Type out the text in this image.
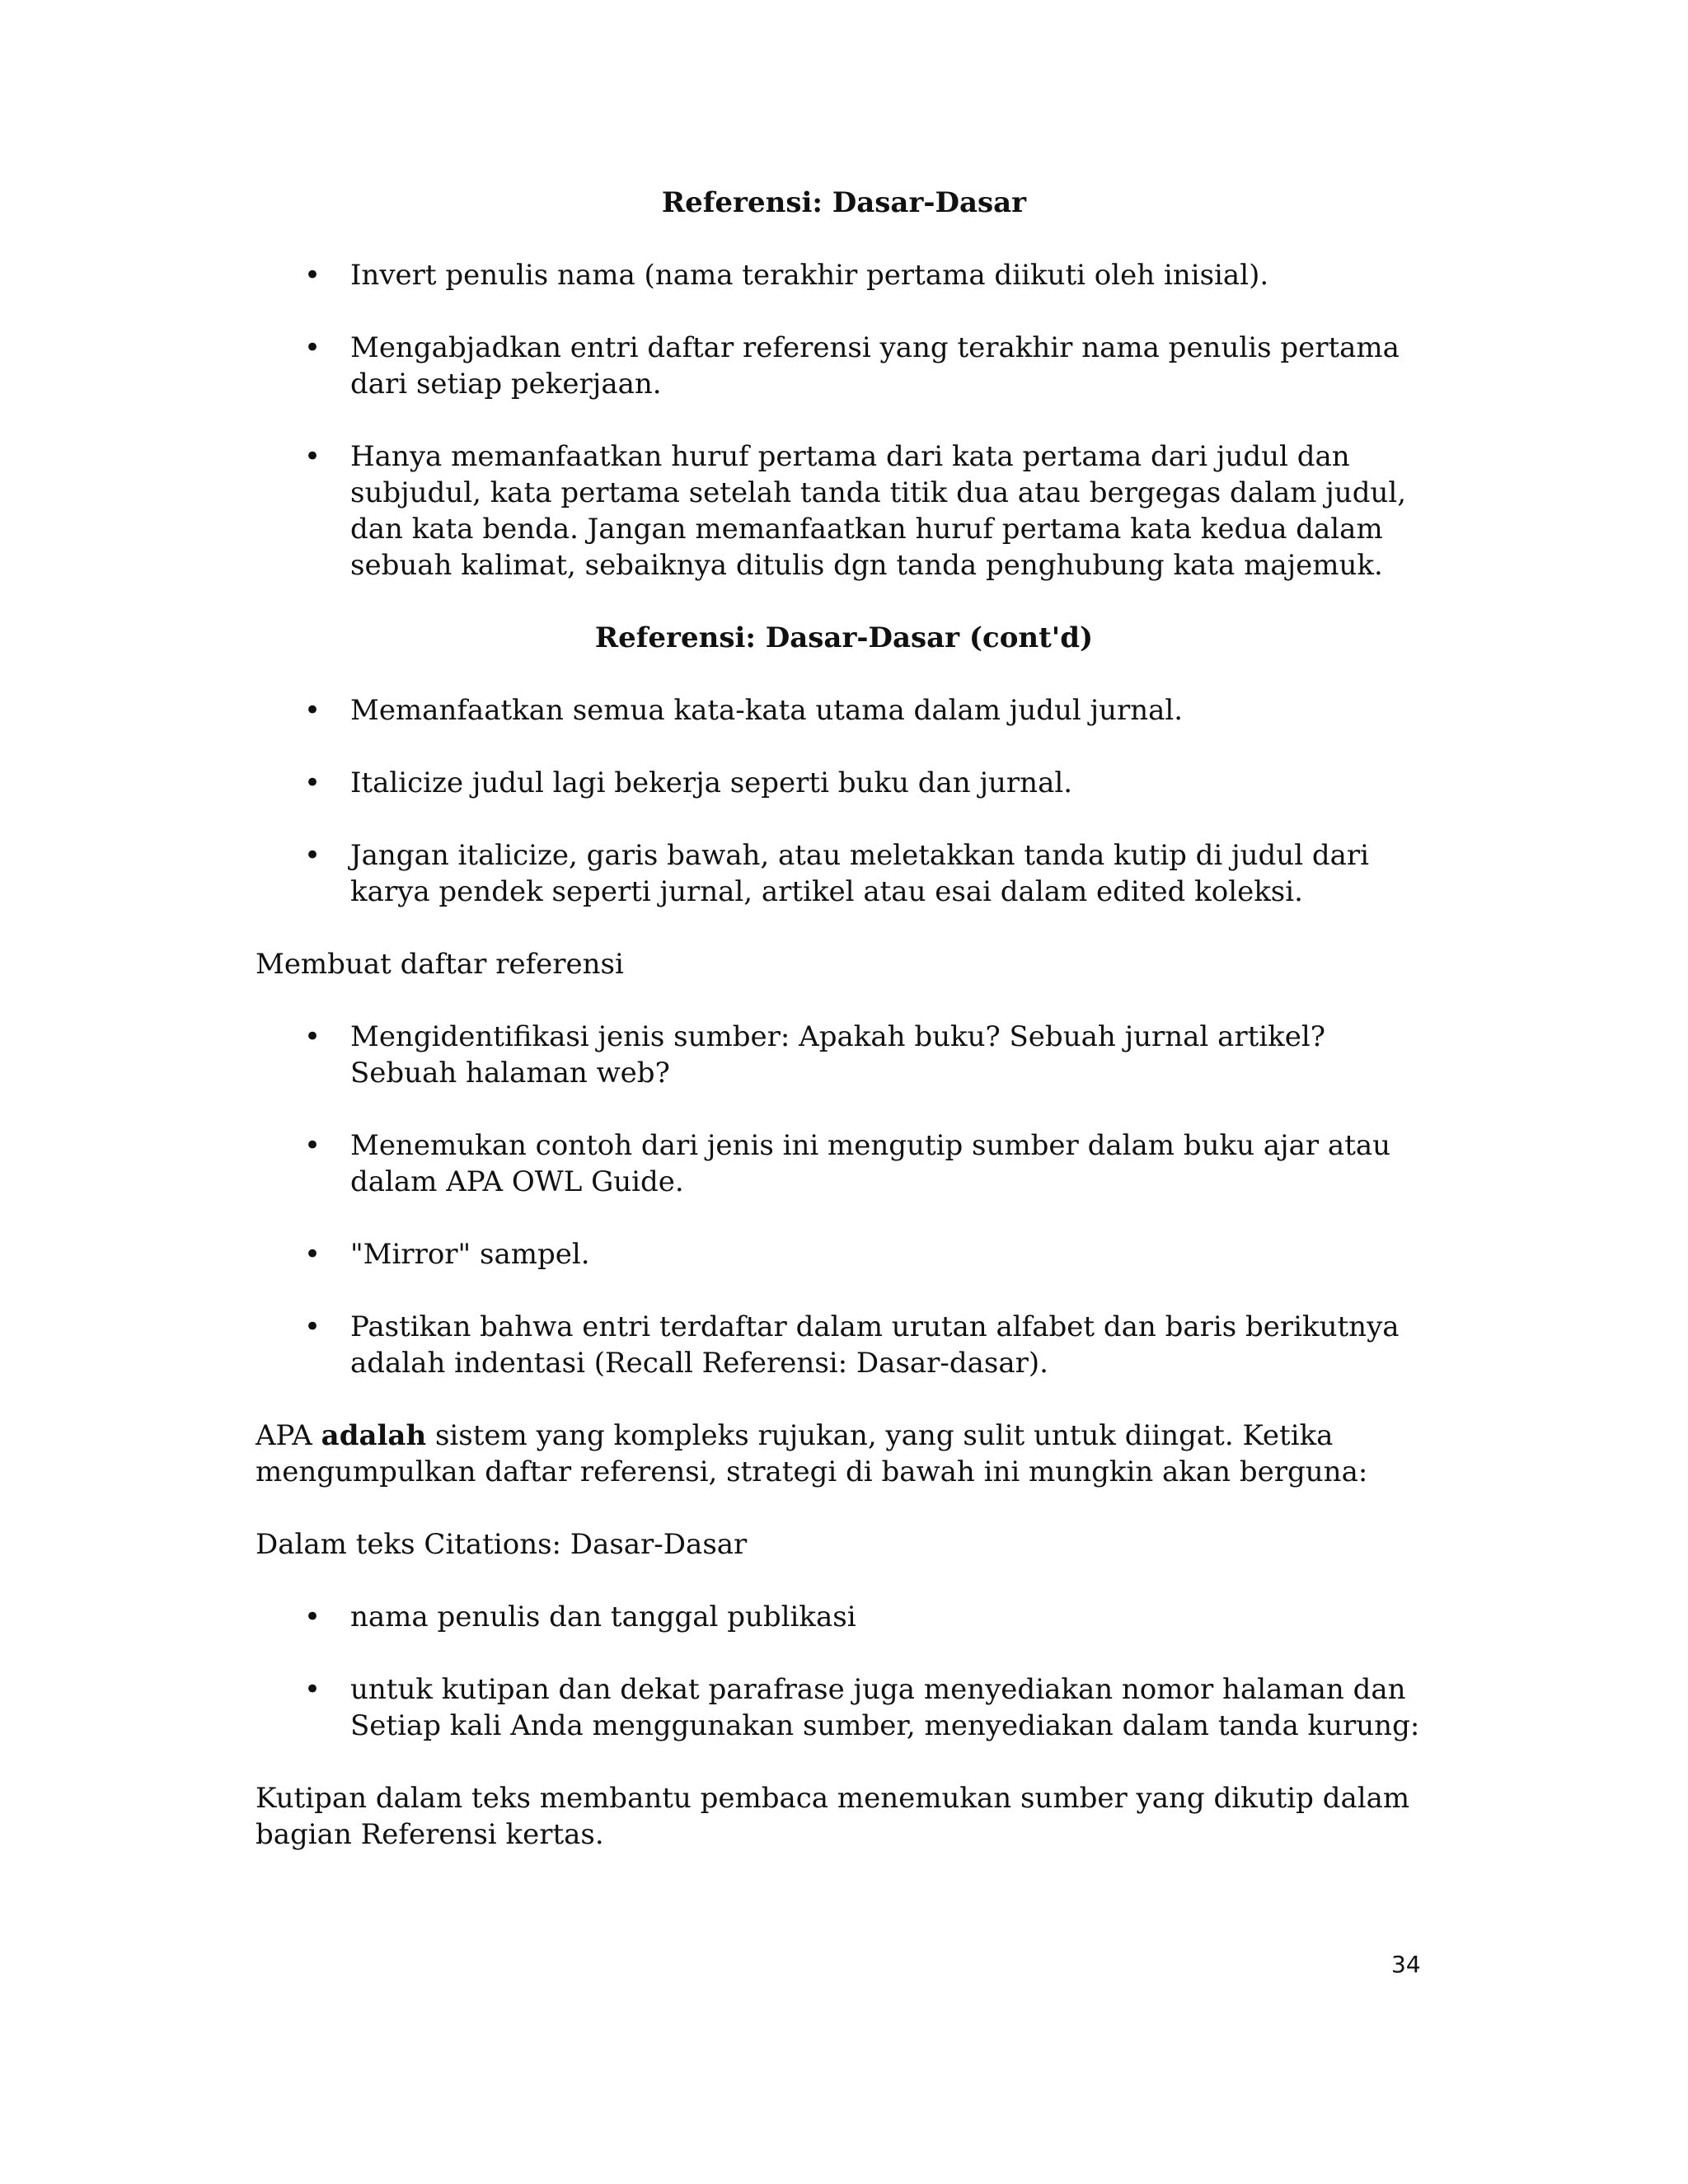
Referensi: Dasar-Dasar
• Invert penulis nama (nama terakhir pertama diikuti oleh inisial).
• Mengabjadkan entri daftar referensi yang terakhir nama penulis pertama dari setiap pekerjaan.
• Hanya memanfaatkan huruf pertama dari kata pertama dari judul dan subjudul, kata pertama setelah tanda titik dua atau bergegas dalam judul, dan kata benda. Jangan memanfaatkan huruf pertama kata kedua dalam sebuah kalimat, sebaiknya ditulis dgn tanda penghubung kata majemuk.
Referensi: Dasar-Dasar (cont'd)
• Memanfaatkan semua kata-kata utama dalam judul jurnal.
• Italicize judul lagi bekerja seperti buku dan jurnal.
• Jangan italicize, garis bawah, atau meletakkan tanda kutip di judul dari karya pendek seperti jurnal, artikel atau esai dalam edited koleksi.

Membuat daftar referensi

• Mengidentifikasi jenis sumber: Apakah buku? Sebuah jurnal artikel? Sebuah halaman web?
• Menemukan contoh dari jenis ini mengutip sumber dalam buku ajar atau dalam APA OWL Guide.
• "Mirror" sampel.
• Pastikan bahwa entri terdaftar dalam urutan alfabet dan baris berikutnya adalah indentasi (Recall Referensi: Dasar-dasar).

APA adalah sistem yang kompleks rujukan, yang sulit untuk diingat. Ketika mengumpulkan daftar referensi, strategi di bawah ini mungkin akan berguna:

Dalam teks Citations: Dasar-Dasar

• nama penulis dan tanggal publikasi
• untuk kutipan dan dekat parafrase juga menyediakan nomor halaman dan Setiap kali Anda menggunakan sumber, menyediakan dalam tanda kurung:

Kutipan dalam teks membantu pembaca menemukan sumber yang dikutip dalam bagian Referensi kertas.

34
